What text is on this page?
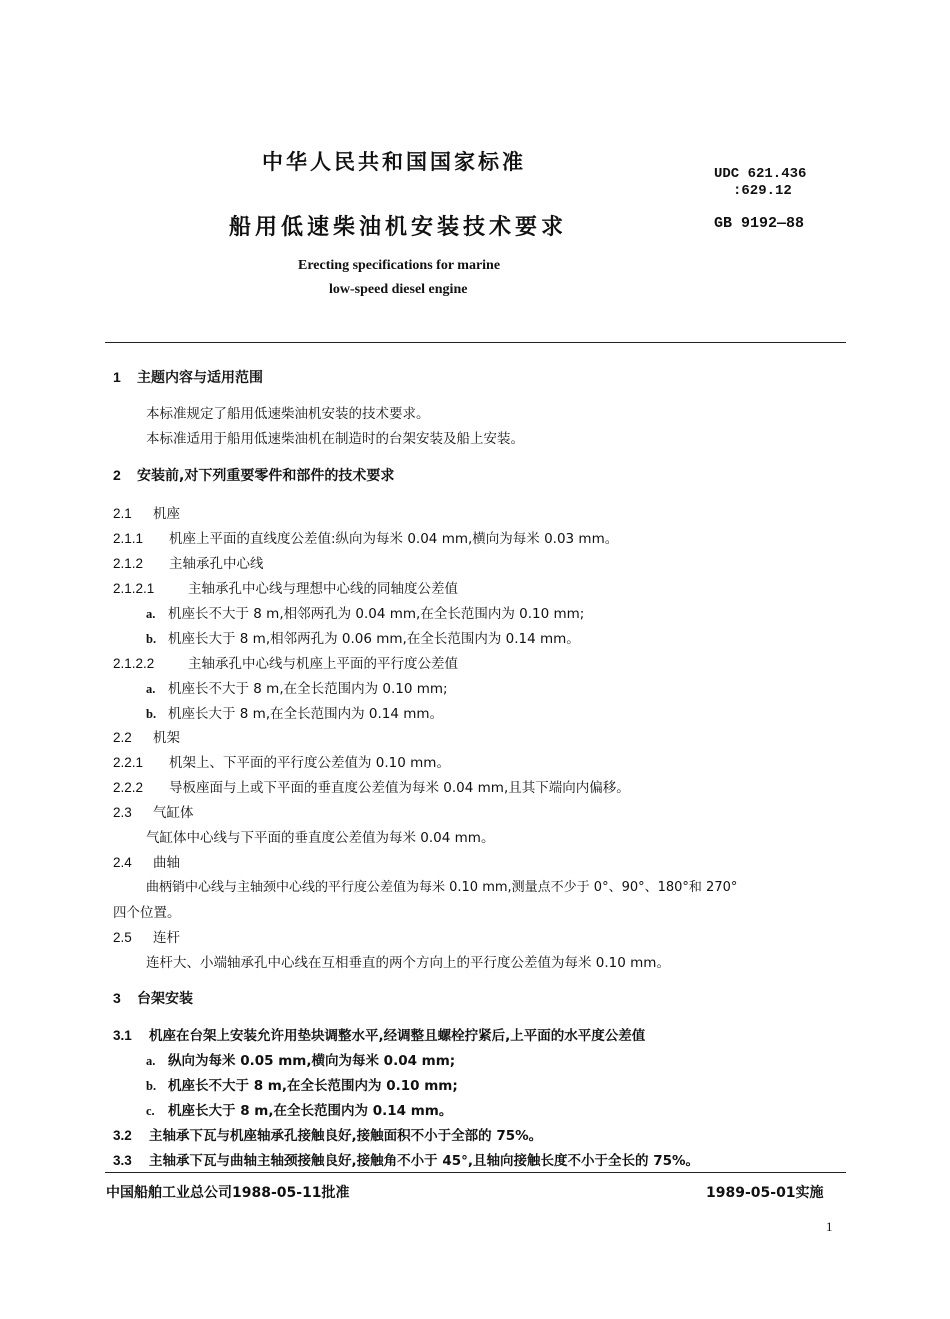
中华人民共和国国家标准	UDC 621.436
:629.12
船用低速柴油机安装技术要求	GB 9192—88
Erecting specifications for marine
low-speed diesel engine
1 主题内容与适用范围
本标准规定了船用低速柴油机安装的技术要求。
本标准适用于船用低速柴油机在制造时的台架安装及船上安装。
2 安装前,对下列重要零件和部件的技术要求
2.1 机座
2.1.1 机座上平面的直线度公差值:纵向为每米 0.04 mm,横向为每米 0.03 mm。
2.1.2 主轴承孔中心线
2.1.2.1 主轴承孔中心线与理想中心线的同轴度公差值
a. 机座长不大于 8 m,相邻两孔为 0.04 mm,在全长范围内为 0.10 mm;
b. 机座长大于 8 m,相邻两孔为 0.06 mm,在全长范围内为 0.14 mm。
2.1.2.2 主轴承孔中心线与机座上平面的平行度公差值
a. 机座长不大于 8 m,在全长范围内为 0.10 mm;
b. 机座长大于 8 m,在全长范围内为 0.14 mm。
2.2 机架
2.2.1 机架上、下平面的平行度公差值为 0.10 mm。
2.2.2 导板座面与上或下平面的垂直度公差值为每米 0.04 mm,且其下端向内偏移。
2.3 气缸体
气缸体中心线与下平面的垂直度公差值为每米 0.04 mm。
2.4 曲轴
曲柄销中心线与主轴颈中心线的平行度公差值为每米 0.10 mm,测量点不少于 0°、90°、180°和 270°
四个位置。
2.5 连杆
连杆大、小端轴承孔中心线在互相垂直的两个方向上的平行度公差值为每米 0.10 mm。
3 台架安装
3.1 机座在台架上安装允许用垫块调整水平,经调整且螺栓拧紧后,上平面的水平度公差值
a. 纵向为每米 0.05 mm,横向为每米 0.04 mm;
b. 机座长不大于 8 m,在全长范围内为 0.10 mm;
c. 机座长大于 8 m,在全长范围内为 0.14 mm。
3.2 主轴承下瓦与机座轴承孔接触良好,接触面积不小于全部的 75%。
3.3 主轴承下瓦与曲轴主轴颈接触良好,接触角不小于 45°,且轴向接触长度不小于全长的 75%。
中国船舶工业总公司1988-05-11批准	1989-05-01实施
1
